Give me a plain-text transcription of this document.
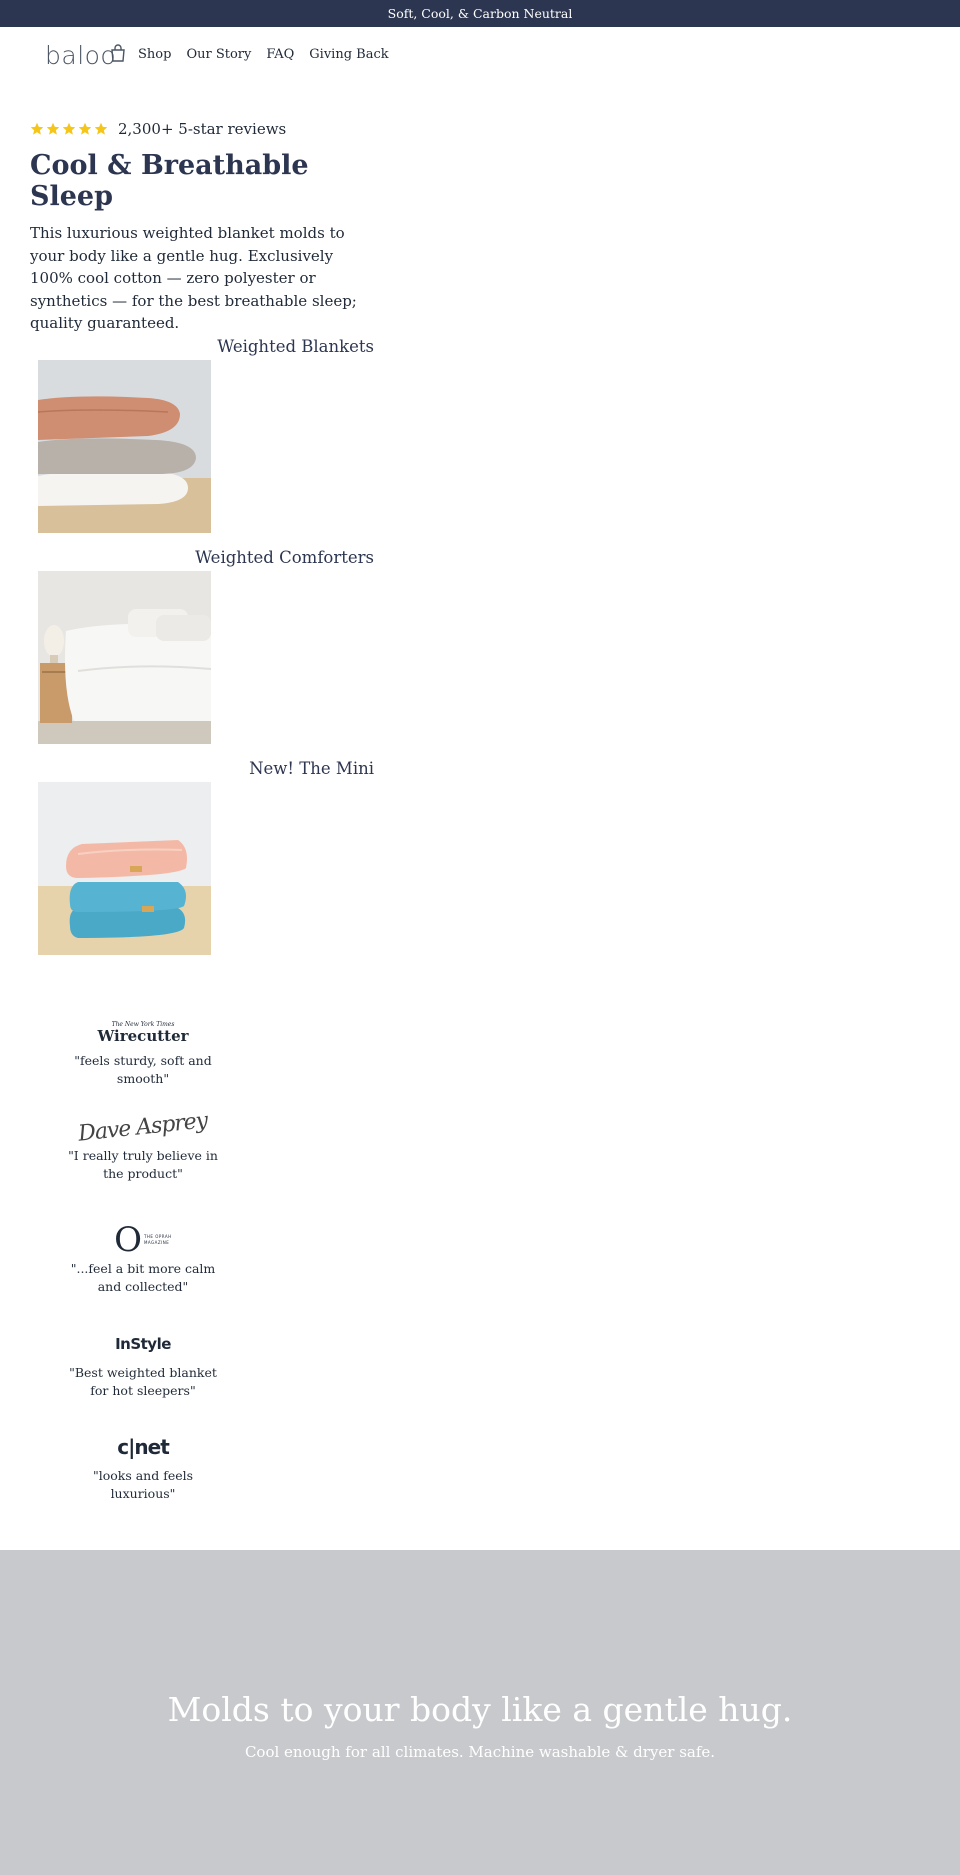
Soft, Cool, & Carbon Neutral
baloo Shop Our Story FAQ Giving Back
2,300+ 5-star reviews
Cool & Breathable Sleep

This luxurious weighted blanket molds to your body like a gentle hug. Exclusively 100% cool cotton — zero polyester or synthetics — for the best breathable sleep; quality guaranteed.

Weighted Blankets
Weighted Comforters
New! The Mini
The New York Times
Wirecutter
"feels sturdy, soft and smooth"
Dave Asprey
"I really truly believe in the product"
O THE OPRAH MAGAZINE
"...feel a bit more calm and collected"
InStyle
"Best weighted blanket for hot sleepers"
c|net
"looks and feels luxurious"
Molds to your body like a gentle hug.

Cool enough for all climates. Machine washable & dryer safe.
